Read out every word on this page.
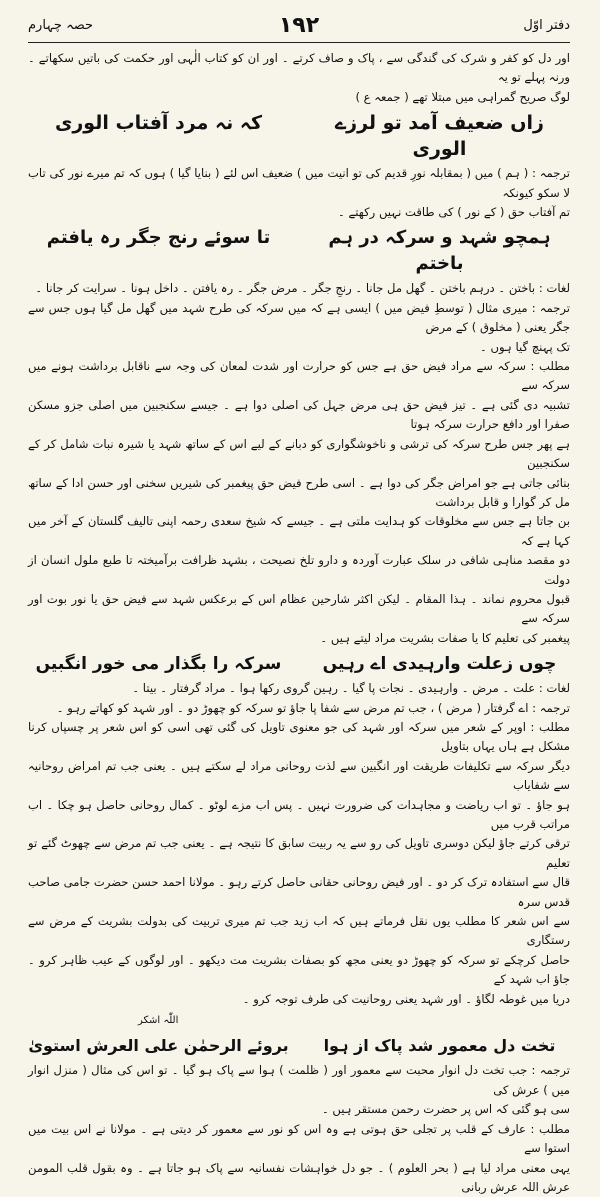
دفتر اوّل
۱۹۲
حصہ چہارم

اور دل کو کفر و شرک کی گندگی سے ، پاک و صاف کرتے ۔ اور ان کو کتاب الٰہی اور حکمت کی باتیں سکھاتے ۔ ورنہ پہلے تو یہ

لوگ صریح گمراہی میں مبتلا تھے ( جمعہ ع )

زاں ضعیف آمد تو لرزے الوری
کہ نہ مرد آفتاب الوری

ترجمہ : ( ہم ) میں ( بمقابلہ نورِ قدیم کی تو انیت میں ) ضعیف اس لئے ( بنایا گیا ) ہوں کہ تم میرے نور کی تاب لا سکو کیونکہ

تم آفتاب حق ( کے نور ) کی طاقت نہیں رکھتے ۔

ہمچو شہد و سرکہ در ہم باختم
تا سوئے رنج جگر رہ یافتم

لغات : باختن ۔ درہم باختن ۔ گھل مل جانا ۔ رنجِ جگر ۔ مرض جگر ۔ رہ یافتن ۔ داخل ہونا ۔ سرایت کر جانا ۔

ترجمہ : میری مثال ( توسطِ فیض میں ) ایسی ہے کہ میں سرکہ کی طرح شہد میں گھل مل گیا ہوں جس سے جگر یعنی ( مخلوق ) کے مرض

تک پہنچ گیا ہوں ۔

مطلب : سرکہ سے مراد فیض حق ہے جس کو حرارت اور شدت لمعان کی وجہ سے ناقابل برداشت ہونے میں سرکہ سے

تشبیہ دی گئی ہے ۔ تیز فیض حق ہی مرض جہل کی اصلی دوا ہے ۔ جیسے سکنجبین میں اصلی جزو مسکن صفرا اور دافع حرارت سرکہ ہوتا

ہے پھر جس طرح سرکہ کی ترشی و ناخوشگواری کو دبانے کے لیے اس کے ساتھ شہد یا شیرہ نبات شامل کر کے سکنجبین

بنائی جاتی ہے جو امراض جگر کی دوا ہے ۔ اسی طرح فیض حق پیغمبر کی شیریں سخنی اور حسن ادا کے ساتھ مل کر گوارا و قابل برداشت

بن جاتا ہے جس سے مخلوقات کو ہدایت ملتی ہے ۔ جیسے کہ شیخ سعدی رحمہ اپنی تالیف گلستان کے آخر میں کہا ہے کہ

دو مقصد مناہی شافی در سلک عبارت آوردہ و دارو تلخ نصیحت ، بشہد ظرافت برآمیختہ تا طبع ملول انسان از دولت

قبول محروم نماند ۔ ہذا المقام ۔ لیکن اکثر شارحین عظام اس کے برعکس شہد سے فیض حق یا نور بوت اور سرکہ سے

پیغمبر کی تعلیم کا یا صفات بشریت مراد لیتے ہیں ۔

چوں زعلت وارہیدی اے رہیں
سرکہ را بگذار می خور انگبیں

لغات : علت ۔ مرض ۔ وارہیدی ۔ نجات پا گیا ۔ رہین گروی رکھا ہوا ۔ مراد گرفتار ۔ بیتا ۔

ترجمہ : اے گرفتار ( مرض ) ، جب تم مرض سے شفا پا جاؤ تو سرکہ کو چھوڑ دو ۔ اور شہد کو کھاتے رہو ۔

مطلب : اوپر کے شعر میں سرکہ اور شہد کی جو معنوی تاویل کی گئی تھی اسی کو اس شعر پر چسپاں کرنا مشکل ہے ہاں یہاں بتاویل

دیگر سرکہ سے تکلیفات طریقت اور انگبین سے لذت روحانی مراد لے سکتے ہیں ۔ یعنی جب تم امراض روحانیہ سے شفایاب

ہو جاؤ ۔ تو اب ریاضت و مجاہدات کی ضرورت نہیں ۔ پس اب مزے لوٹو ۔ کمال روحانی حاصل ہو چکا ۔ اب مراتب قرب میں

ترقی کرتے جاؤ لیکن دوسری تاویل کی رو سے یہ ربیت سابق کا نتیجہ ہے ۔ یعنی جب تم مرض سے چھوٹ گئے تو تعلیم

قال سے استفادہ ترک کر دو ۔ اور فیض روحانی حقانی حاصل کرتے رہو ۔ مولانا احمد حسن حضرت جامی صاحب قدس سرہ

سے اس شعر کا مطلب یوں نقل فرماتے ہیں کہ اب زید جب تم میری تربیت کی بدولت بشریت کے مرض سے رستگاری

حاصل کرچکے تو سرکہ کو چھوڑ دو یعنی مجھ کو بصفات بشریت مت دیکھو ۔ اور لوگوں کے عیب ظاہر کرو ۔ جاؤ اب شہد کے

دریا میں غوطہ لگاؤ ۔ اور شہد یعنی روحانیت کی طرف توجہ کرو ۔

اللّٰہ اشکر
تخت دل معمور شد پاک از ہوا
بروئے الرحمٰن علی العرش استویٰ

ترجمہ : جب تخت دل انوار محبت سے معمور اور ( ظلمت ) ہوا سے پاک ہو گیا ۔ تو اس کی مثال ( منزل انوار میں ) عرش کی

سی ہو گئی کہ اس پر حضرت رحمن مستقر ہیں ۔

مطلب : عارف کے قلب پر تجلی حق ہوتی ہے وہ اس کو نور سے معمور کر دیتی ہے ۔ مولانا نے اس بیت میں استوا سے

یہی معنی مراد لیا ہے ( بحر العلوم ) ۔ جو دل خواہشات نفسانیہ سے پاک ہو جاتا ہے ۔ وہ بقول قلب المومن عرش اللہ عرش ربانی
